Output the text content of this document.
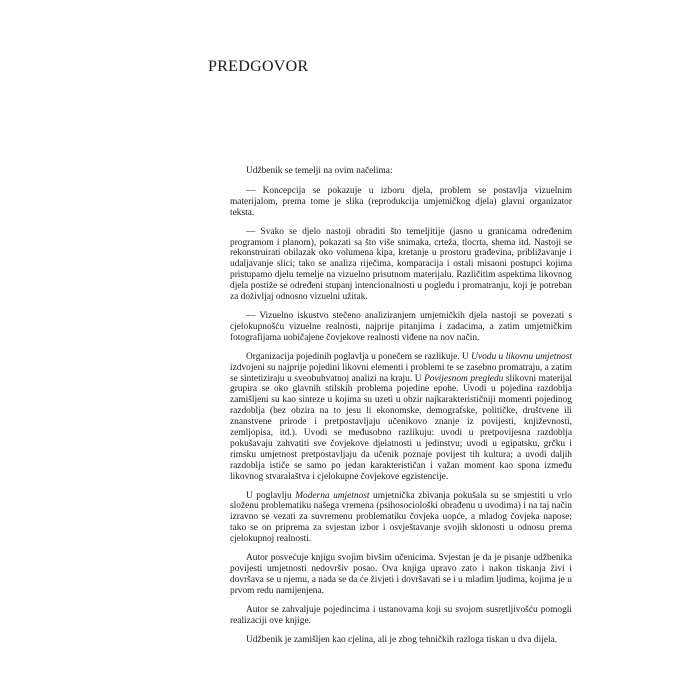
PREDGOVOR

Udžbenik se temelji na ovim načelima:

— Koncepcija se pokazuje u izboru djela, problem se postavlja vizuelnim materijalom, prema tome je slika (reprodukcija umjetničkog djela) glavni organizator teksta.

— Svako se djelo nastoji obraditi što temeljitije (jasno u granicama određenim programom i planom), pokazati sa što više snimaka, crteža, tlocrta, shema itd. Nastoji se rekonstruirati obilazak oko volumena kipa, kretanje u prostoru građevina, približavanje i udaljavanje slici; tako se analiza riječima, komparacija i ostali misaoni postupci kojima pristupamo djelu temelje na vizuelno prisutnom materijalu. Različitim aspektima likovnog djela postiže se određeni stupanj intencionalnosti u pogledu i promatranju, koji je potreban za doživljaj odnosno vizuelni užitak.

— Vizuelno iskustvo stečeno analiziranjem umjetničkih djela nastoji se povezati s cjelokupnošću vizuelne realnosti, najprije pitanjima i zadacima, a zatim umjetničkim fotografijama uobičajene čovjekove realnosti viđene na nov način.

Organizacija pojedinih poglavlja u ponečem se razlikuje. U Uvodu u likovnu umjetnost izdvojeni su najprije pojedini likovni elementi i problemi te se zasebno promatraju, a zatim se sintetiziraju u sveobuhvatnoj analizi na kraju. U Povijesnom pregledu slikovni materijal grupira se oko glavnih stilskih problema pojedine epohe. Uvodi u pojedina razdoblja zamišljeni su kao sinteze u kojima su uzeti u obzir najkarakterističniji momenti pojedinog razdoblja (bez obzira na to jesu li ekonomske, demografske, političke, društvene ili znanstvene prirode i pretpostavljaju učenikovo znanje iz povijesti, književnosti, zemljopisa, itd.). Uvodi se međusobno razlikuju: uvodi u pretpovijesna razdoblja pokušavaju zahvatiti sve čovjekove djelatnosti u jedinstvu; uvodi u egipatsku, grčku i rimsku umjetnost pretpostavljaju da učenik poznaje povijest tih kultura; a uvodi daljih razdoblja ističe se samo po jedan karakterističan i važan moment kao spona između likovnog stvaralaštva i cjelokupne čovjekove egzistencije.

U poglavlju Moderna umjetnost umjetnička zbivanja pokušala su se smjestiti u vrlo složenu problematiku našega vremena (psihosociološki obrađenu u uvodima) i na taj način izravno se vezati za suvremenu problematiku čovjeka uopće, a mladog čovjeka napose; tako se on priprema za svjestan izbor i osvještavanje svojih sklonosti u odnosu prema cjelokupnoj realnosti.

Autor posvećuje knjigu svojim bivšim učenicima. Svjestan je da je pisanje udžbenika povijesti umjetnosti nedovršiv posao. Ova knjiga upravo zato i nakon tiskanja živi i dovršava se u njemu, a nada se da će živjeti i dovršavati se i u mladim ljudima, kojima je u prvom redu namijenjena.

Autor se zahvaljuje pojedincima i ustanovama koji su svojom susretljivošću pomogli realizaciji ove knjige.

Udžbenik je zamišljen kao cjelina, ali je zbog tehničkih razloga tiskan u dva dijela.
